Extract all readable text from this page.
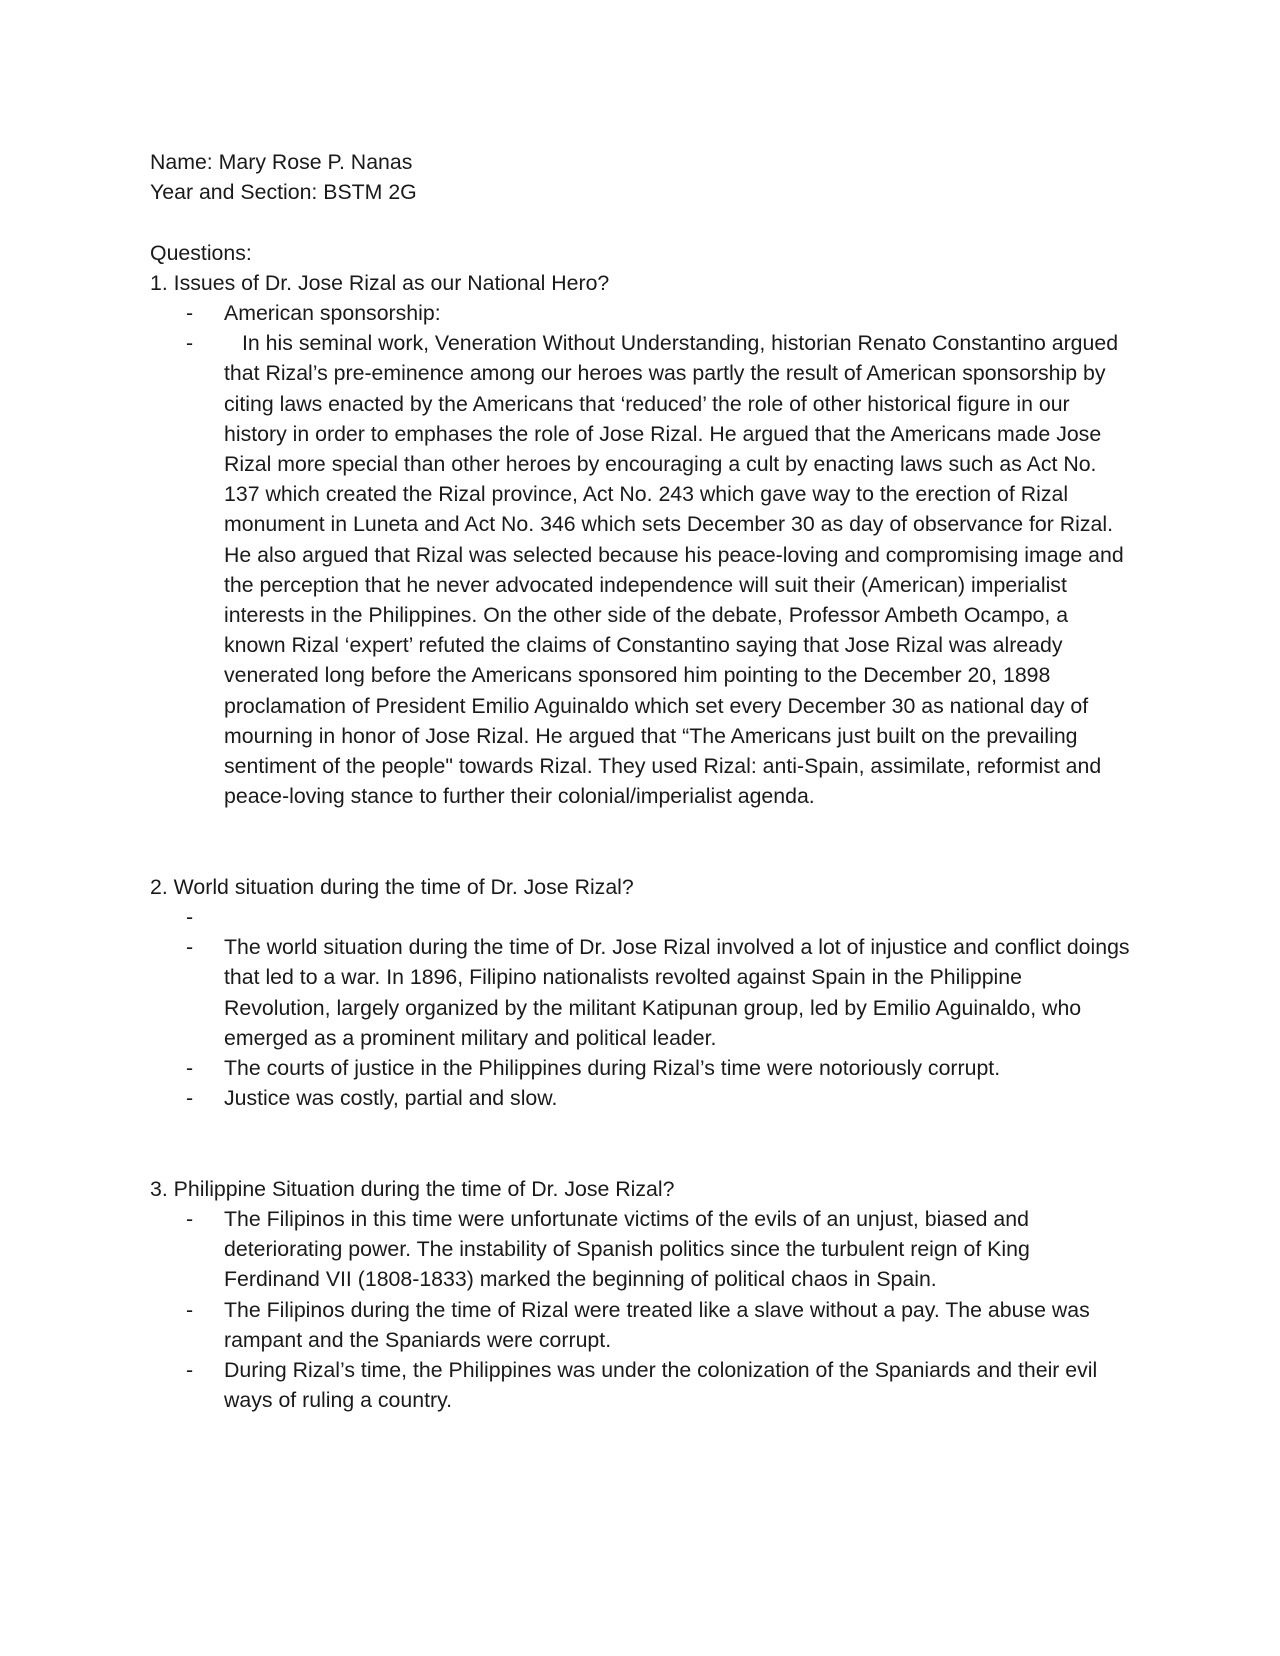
Name: Mary Rose P. Nanas
Year and Section: BSTM 2G
Questions:
1. Issues of Dr. Jose Rizal as our National Hero?
- American sponsorship:
-	In his seminal work, Veneration Without Understanding, historian Renato Constantino argued that Rizal’s pre-eminence among our heroes was partly the result of American sponsorship by citing laws enacted by the Americans that ‘reduced’ the role of other historical figure in our history in order to emphases the role of Jose Rizal. He argued that the Americans made Jose Rizal more special than other heroes by encouraging a cult by enacting laws such as Act No. 137 which created the Rizal province, Act No. 243 which gave way to the erection of Rizal monument in Luneta and Act No. 346 which sets December 30 as day of observance for Rizal. He also argued that Rizal was selected because his peace-loving and compromising image and the perception that he never advocated independence will suit their (American) imperialist interests in the Philippines. On the other side of the debate, Professor Ambeth Ocampo, a known Rizal ‘expert’ refuted the claims of Constantino saying that Jose Rizal was already venerated long before the Americans sponsored him pointing to the December 20, 1898 proclamation of President Emilio Aguinaldo which set every December 30 as national day of mourning in honor of Jose Rizal. He argued that “The Americans just built on the prevailing sentiment of the people" towards Rizal. They used Rizal: anti-Spain, assimilate, reformist and peace-loving stance to further their colonial/imperialist agenda.
2. World situation during the time of Dr. Jose Rizal?
-
- The world situation during the time of Dr. Jose Rizal involved a lot of injustice and conflict doings that led to a war. In 1896, Filipino nationalists revolted against Spain in the Philippine Revolution, largely organized by the militant Katipunan group, led by Emilio Aguinaldo, who emerged as a prominent military and political leader.
- The courts of justice in the Philippines during Rizal’s time were notoriously corrupt.
- Justice was costly, partial and slow.
3. Philippine Situation during the time of Dr. Jose Rizal?
- The Filipinos in this time were unfortunate victims of the evils of an unjust, biased and deteriorating power. The instability of Spanish politics since the turbulent reign of King Ferdinand VII (1808-1833) marked the beginning of political chaos in Spain.
- The Filipinos during the time of Rizal were treated like a slave without a pay. The abuse was rampant and the Spaniards were corrupt.
- During Rizal’s time, the Philippines was under the colonization of the Spaniards and their evil ways of ruling a country.
